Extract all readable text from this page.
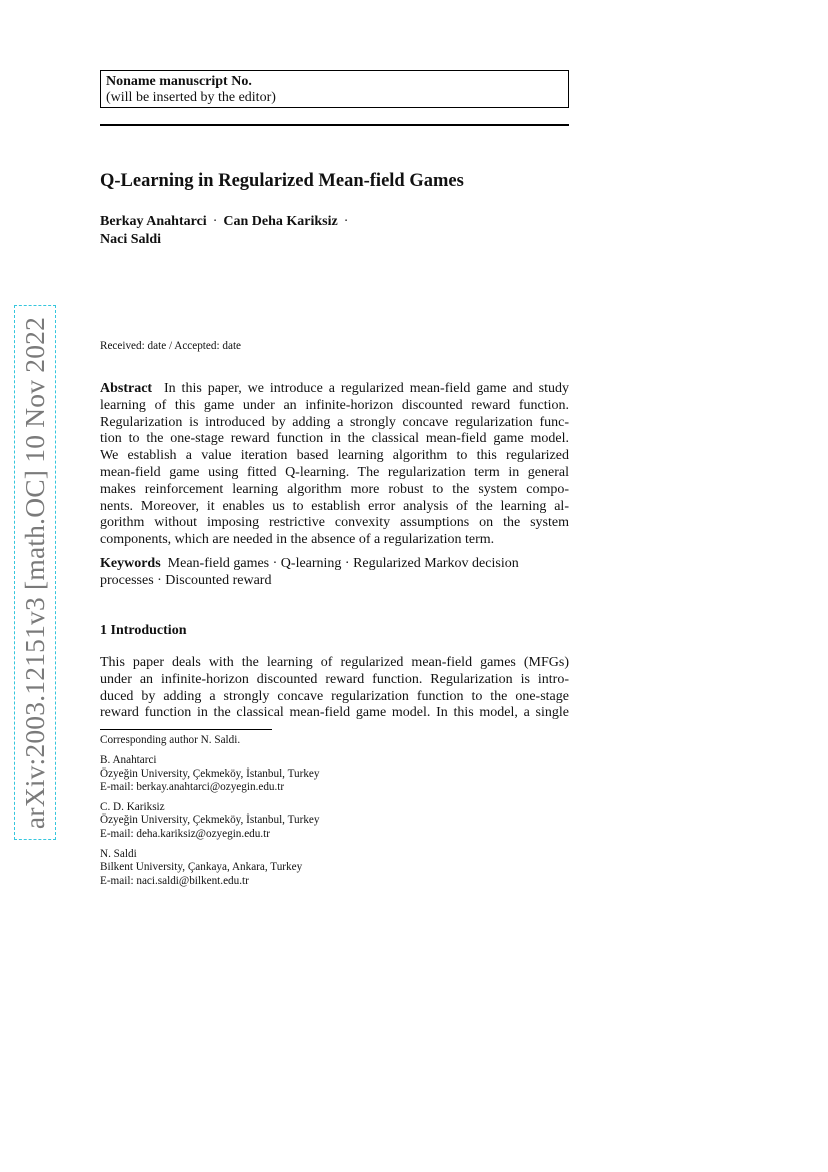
arXiv:2003.12151v3 [math.OC] 10 Nov 2022
Noname manuscript No.
(will be inserted by the editor)
Q-Learning in Regularized Mean-field Games
Berkay Anahtarci · Can Deha Kariksiz ·
Naci Saldi
Received: date / Accepted: date
Abstract In this paper, we introduce a regularized mean-field game and study
learning of this game under an infinite-horizon discounted reward function.
Regularization is introduced by adding a strongly concave regularization func-
tion to the one-stage reward function in the classical mean-field game model.
We establish a value iteration based learning algorithm to this regularized
mean-field game using fitted Q-learning. The regularization term in general
makes reinforcement learning algorithm more robust to the system compo-
nents. Moreover, it enables us to establish error analysis of the learning al-
gorithm without imposing restrictive convexity assumptions on the system
components, which are needed in the absence of a regularization term.
Keywords Mean-field games · Q-learning · Regularized Markov decision
processes · Discounted reward
1 Introduction
This paper deals with the learning of regularized mean-field games (MFGs)
under an infinite-horizon discounted reward function. Regularization is intro-
duced by adding a strongly concave regularization function to the one-stage
reward function in the classical mean-field game model. In this model, a single
Corresponding author N. Saldi.
B. Anahtarci
Özyeğin University, Çekmeköy, İstanbul, Turkey
E-mail: berkay.anahtarci@ozyegin.edu.tr
C. D. Kariksiz
Özyeğin University, Çekmeköy, İstanbul, Turkey
E-mail: deha.kariksiz@ozyegin.edu.tr
N. Saldi
Bilkent University, Çankaya, Ankara, Turkey
E-mail: naci.saldi@bilkent.edu.tr
